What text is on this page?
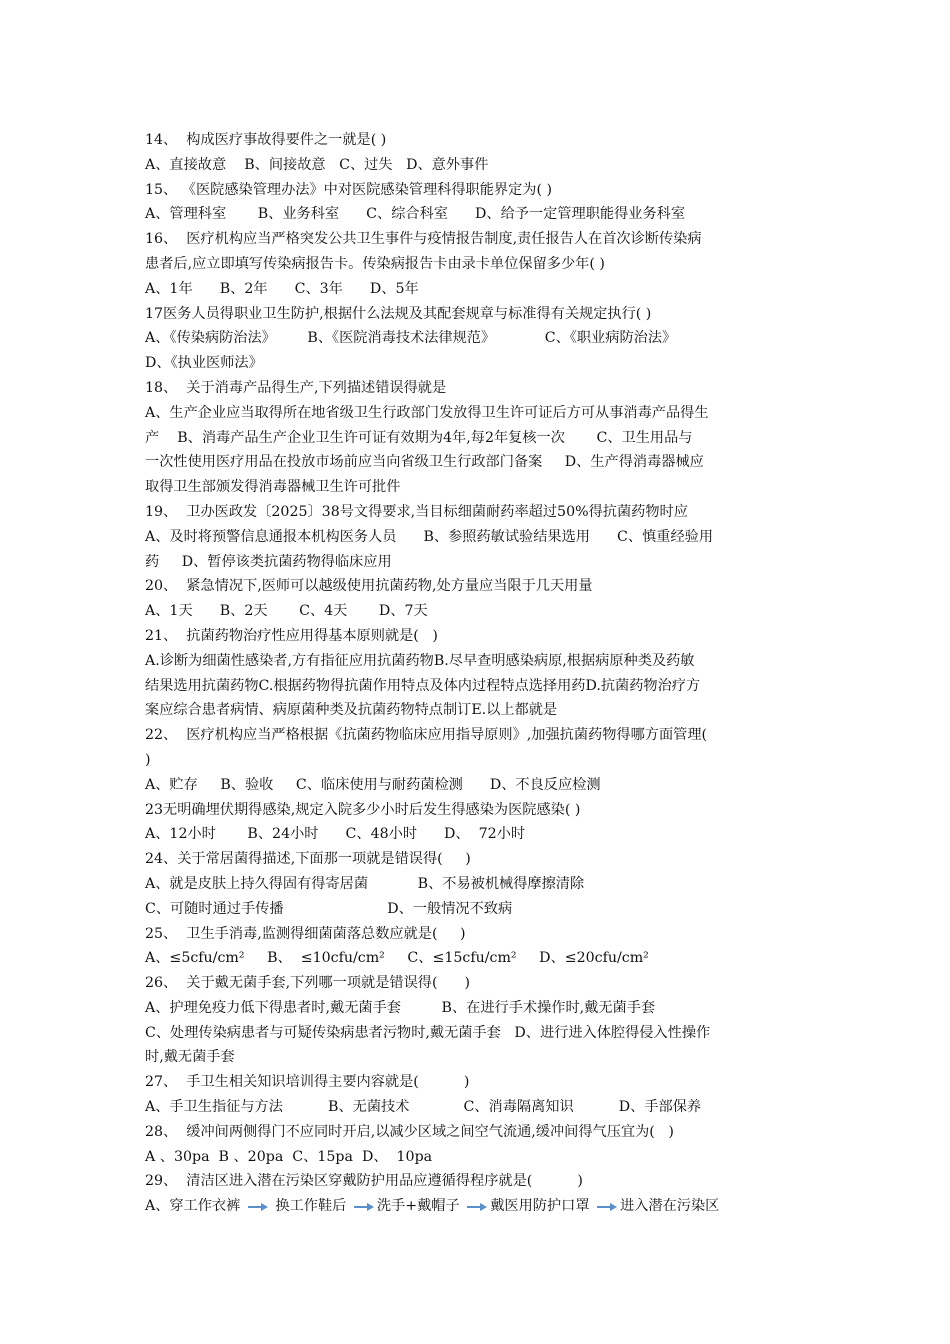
14、  构成医疗事故得要件之一就是( )
A、直接故意    B、间接故意   C、过失   D、意外事件
15、 《医院感染管理办法》中对医院感染管理科得职能界定为( )
A、管理科室       B、业务科室      C、综合科室      D、给予一定管理职能得业务科室
16、  医疗机构应当严格突发公共卫生事件与疫情报告制度,责任报告人在首次诊断传染病
患者后,应立即填写传染病报告卡。传染病报告卡由录卡单位保留多少年( )
A、1年      B、2年      C、3年      D、5年
17医务人员得职业卫生防护,根据什么法规及其配套规章与标准得有关规定执行( )
A、《传染病防治法》       B、《医院消毒技术法律规范》           C、《职业病防治法》
D、《执业医师法》
18、  关于消毒产品得生产,下列描述错误得就是
A、生产企业应当取得所在地省级卫生行政部门发放得卫生许可证后方可从事消毒产品得生
产    B、消毒产品生产企业卫生许可证有效期为4年,每2年复核一次       C、卫生用品与
一次性使用医疗用品在投放市场前应当向省级卫生行政部门备案     D、生产得消毒器械应
取得卫生部颁发得消毒器械卫生许可批件
19、  卫办医政发〔2025〕38号文得要求,当目标细菌耐药率超过50%得抗菌药物时应
A、及时将预警信息通报本机构医务人员      B、参照药敏试验结果选用      C、慎重经验用
药     D、暂停该类抗菌药物得临床应用
20、  紧急情况下,医师可以越级使用抗菌药物,处方量应当限于几天用量
A、1天      B、2天       C、4天       D、7天
21、  抗菌药物治疗性应用得基本原则就是(   )
A.诊断为细菌性感染者,方有指征应用抗菌药物B.尽早查明感染病原,根据病原种类及药敏
结果选用抗菌药物C.根据药物得抗菌作用特点及体内过程特点选择用药D.抗菌药物治疗方
案应综合患者病情、病原菌种类及抗菌药物特点制订E.以上都就是
22、  医疗机构应当严格根据《抗菌药物临床应用指导原则》,加强抗菌药物得哪方面管理(
)
A、贮存     B、验收     C、临床使用与耐药菌检测      D、不良反应检测
23无明确埋伏期得感染,规定入院多少小时后发生得感染为医院感染( )
A、12小时       B、24小时      C、48小时      D、  72小时
24、关于常居菌得描述,下面那一项就是错误得(     )
A、就是皮肤上持久得固有得寄居菌           B、不易被机械得摩擦清除
C、可随时通过手传播                       D、一般情况不致病
25、  卫生手消毒,监测得细菌菌落总数应就是(     )
A、≤5cfu/cm²     B、  ≤10cfu/cm²     C、≤15cfu/cm²     D、≤20cfu/cm²
26、  关于戴无菌手套,下列哪一项就是错误得(      )
A、护理免疫力低下得患者时,戴无菌手套         B、在进行手术操作时,戴无菌手套
C、处理传染病患者与可疑传染病患者污物时,戴无菌手套   D、进行进入体腔得侵入性操作
时,戴无菌手套
27、  手卫生相关知识培训得主要内容就是(          )
A、手卫生指征与方法          B、无菌技术            C、消毒隔离知识          D、手部保养
28、  缓冲间两侧得门不应同时开启,以减少区域之间空气流通,缓冲间得气压宜为(   )
A 、30pa  B 、20pa  C、15pa  D、  10pa
29、  清洁区进入潜在污染区穿戴防护用品应遵循得程序就是(          )
A、穿工作衣裤 换工作鞋后 洗手+戴帽子 戴医用防护口罩 进入潜在污染区
